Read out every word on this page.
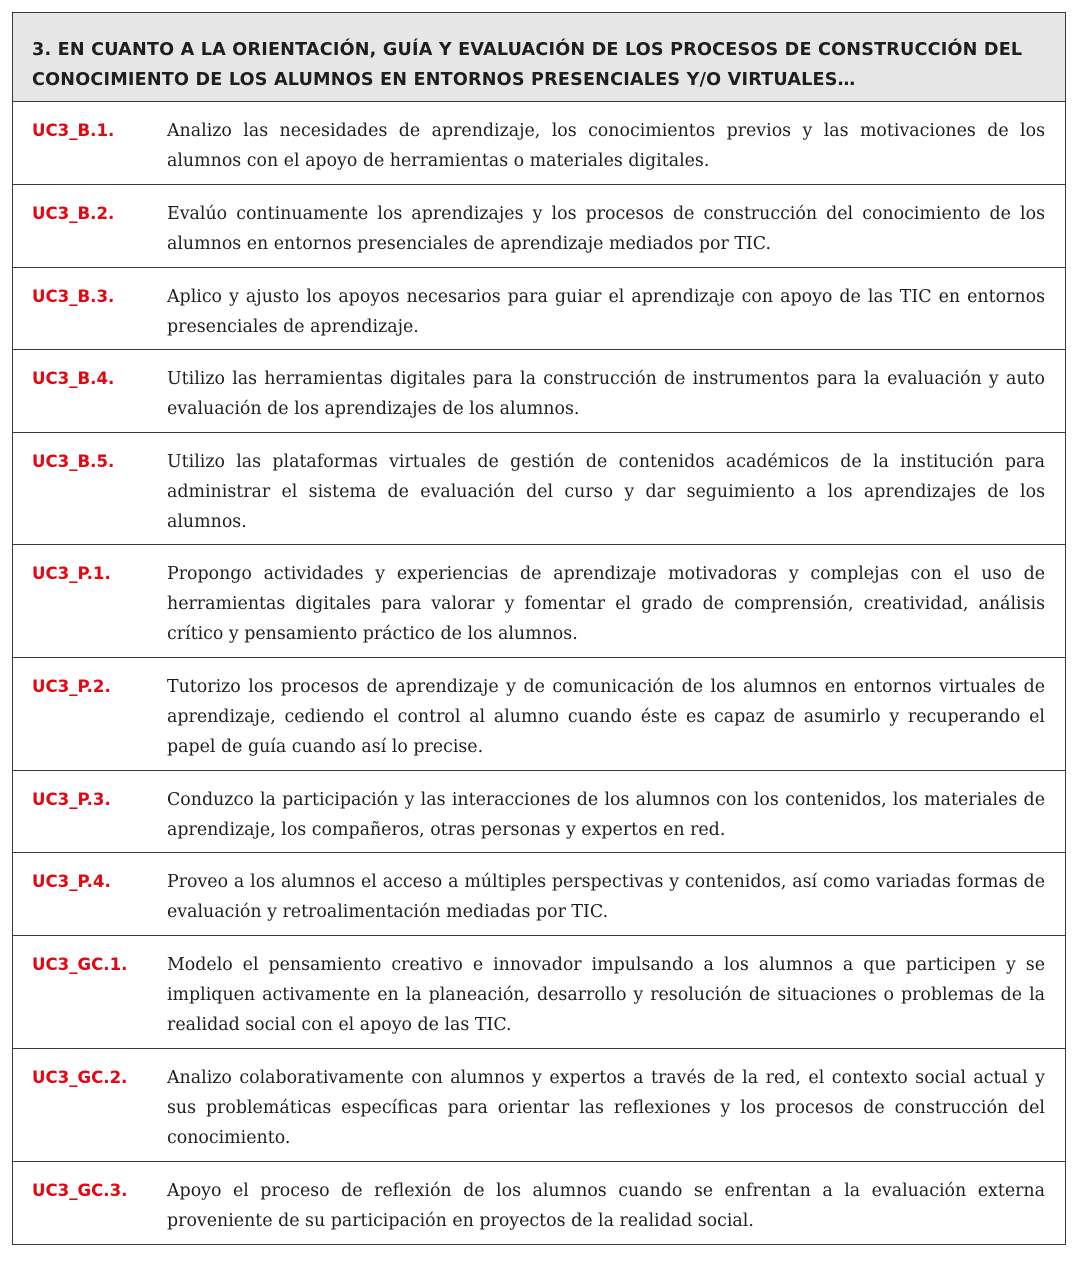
3. EN CUANTO A LA ORIENTACIÓN, GUÍA Y EVALUACIÓN DE LOS PROCESOS DE CONSTRUCCIÓN DEL
CONOCIMIENTO DE LOS ALUMNOS EN ENTORNOS PRESENCIALES Y/O VIRTUALES…
UC3_B.1.	Analizo las necesidades de aprendizaje, los conocimientos previos y las motivaciones de los alumnos con el apoyo de herramientas o materiales digitales.
UC3_B.2.	Evalúo continuamente los aprendizajes y los procesos de construcción del conocimiento de los alumnos en entornos presenciales de aprendizaje mediados por TIC.
UC3_B.3.	Aplico y ajusto los apoyos necesarios para guiar el aprendizaje con apoyo de las TIC en entornos presenciales de aprendizaje.
UC3_B.4.	Utilizo las herramientas digitales para la construcción de instrumentos para la evaluación y auto evaluación de los aprendizajes de los alumnos.
UC3_B.5.	Utilizo las plataformas virtuales de gestión de contenidos académicos de la institución para administrar el sistema de evaluación del curso y dar seguimiento a los aprendizajes de los alumnos.
UC3_P.1.	Propongo actividades y experiencias de aprendizaje motivadoras y complejas con el uso de herramientas digitales para valorar y fomentar el grado de comprensión, creatividad, análisis crítico y pensamiento práctico de los alumnos.
UC3_P.2.	Tutorizo los procesos de aprendizaje y de comunicación de los alumnos en entornos virtuales de aprendizaje, cediendo el control al alumno cuando éste es capaz de asumirlo y recuperando el papel de guía cuando así lo precise.
UC3_P.3.	Conduzco la participación y las interacciones de los alumnos con los contenidos, los materiales de aprendizaje, los compañeros, otras personas y expertos en red.
UC3_P.4.	Proveo a los alumnos el acceso a múltiples perspectivas y contenidos, así como variadas formas de evaluación y retroalimentación mediadas por TIC.
UC3_GC.1.	Modelo el pensamiento creativo e innovador impulsando a los alumnos a que participen y se impliquen activamente en la planeación, desarrollo y resolución de situaciones o problemas de la realidad social con el apoyo de las TIC.
UC3_GC.2.	Analizo colaborativamente con alumnos y expertos a través de la red, el contexto social actual y sus problemáticas específicas para orientar las reflexiones y los procesos de construcción del conocimiento.
UC3_GC.3.	Apoyo el proceso de reflexión de los alumnos cuando se enfrentan a la evaluación externa proveniente de su participación en proyectos de la realidad social.
